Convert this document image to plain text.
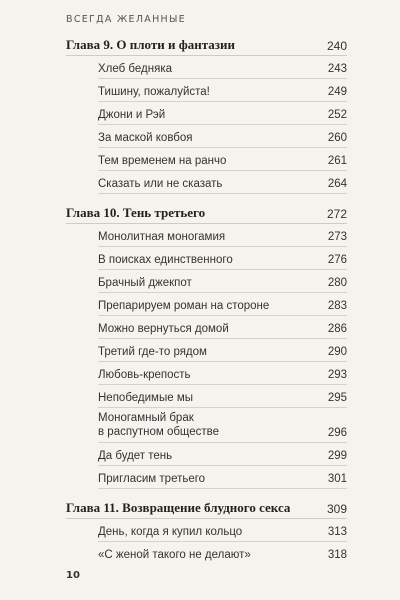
ВСЕГДА ЖЕЛАННЫЕ
Глава 9. О плоти и фантазии	240
Хлеб бедняка	243
Тишину, пожалуйста!	249
Джони и Рэй	252
За маской ковбоя	260
Тем временем на ранчо	261
Сказать или не сказать	264
Глава 10. Тень третьего	272
Монолитная моногамия	273
В поисках единственного	276
Брачный джекпот	280
Препарируем роман на стороне	283
Можно вернуться домой	286
Третий где-то рядом	290
Любовь-крепость	293
Непобедимые мы	295
Моногамный брак
в распутном обществе	296
Да будет тень	299
Пригласим третьего	301
Глава 11. Возвращение блудного секса	309
День, когда я купил кольцо	313
«С женой такого не делают»	318
10
